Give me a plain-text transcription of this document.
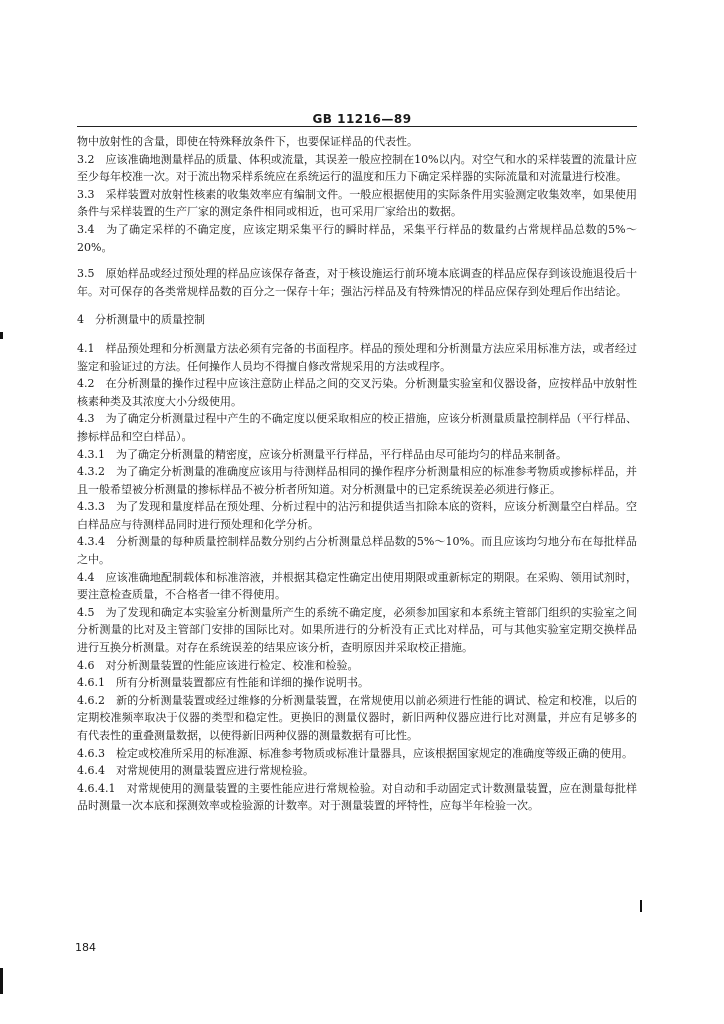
GB 11216—89

物中放射性的含量，即使在特殊释放条件下，也要保证样品的代表性。

3.2　应该准确地测量样品的质量、体积或流量，其误差一般应控制在10%以内。对空气和水的采样装置的流量计应至少每年校准一次。对于流出物采样系统应在系统运行的温度和压力下确定采样器的实际流量和对流量进行校准。

3.3　采样装置对放射性核素的收集效率应有编制文件。一般应根据使用的实际条件用实验测定收集效率，如果使用条件与采样装置的生产厂家的测定条件相同或相近，也可采用厂家给出的数据。

3.4　为了确定采样的不确定度，应该定期采集平行的瞬时样品，采集平行样品的数量约占常规样品总数的5%～20%。

3.5　原始样品或经过预处理的样品应该保存备查，对于核设施运行前环境本底调查的样品应保存到该设施退役后十年。对可保存的各类常规样品数的百分之一保存十年；强沾污样品及有特殊情况的样品应保存到处理后作出结论。

4　分析测量中的质量控制

4.1　样品预处理和分析测量方法必须有完备的书面程序。样品的预处理和分析测量方法应采用标准方法，或者经过鉴定和验证过的方法。任何操作人员均不得擅自修改常规采用的方法或程序。

4.2　在分析测量的操作过程中应该注意防止样品之间的交叉污染。分析测量实验室和仪器设备，应按样品中放射性核素种类及其浓度大小分级使用。

4.3　为了确定分析测量过程中产生的不确定度以便采取相应的校正措施，应该分析测量质量控制样品（平行样品、掺标样品和空白样品）。

4.3.1　为了确定分析测量的精密度，应该分析测量平行样品，平行样品由尽可能均匀的样品来制备。

4.3.2　为了确定分析测量的准确度应该用与待测样品相同的操作程序分析测量相应的标准参考物质或掺标样品，并且一般希望被分析测量的掺标样品不被分析者所知道。对分析测量中的已定系统误差必须进行修正。

4.3.3　为了发现和量度样品在预处理、分析过程中的沾污和提供适当扣除本底的资料，应该分析测量空白样品。空白样品应与待测样品同时进行预处理和化学分析。

4.3.4　分析测量的每种质量控制样品数分别约占分析测量总样品数的5%～10%。而且应该均匀地分布在每批样品之中。

4.4　应该准确地配制载体和标准溶液，并根据其稳定性确定出使用期限或重新标定的期限。在采购、领用试剂时，要注意检查质量，不合格者一律不得使用。

4.5　为了发现和确定本实验室分析测量所产生的系统不确定度，必须参加国家和本系统主管部门组织的实验室之间分析测量的比对及主管部门安排的国际比对。如果所进行的分析没有正式比对样品，可与其他实验室定期交换样品进行互换分析测量。对存在系统误差的结果应该分析，查明原因并采取校正措施。

4.6　对分析测量装置的性能应该进行检定、校准和检验。

4.6.1　所有分析测量装置都应有性能和详细的操作说明书。

4.6.2　新的分析测量装置或经过维修的分析测量装置，在常规使用以前必须进行性能的调试、检定和校准，以后的定期校准频率取决于仪器的类型和稳定性。更换旧的测量仪器时，新旧两种仪器应进行比对测量，并应有足够多的有代表性的重叠测量数据，以使得新旧两种仪器的测量数据有可比性。

4.6.3　检定或校准所采用的标准源、标准参考物质或标准计量器具，应该根据国家规定的准确度等级正确的使用。

4.6.4　对常规使用的测量装置应进行常规检验。

4.6.4.1　对常规使用的测量装置的主要性能应进行常规检验。对自动和手动固定式计数测量装置，应在测量每批样品时测量一次本底和探测效率或检验源的计数率。对于测量装置的坪特性，应每半年检验一次。

184
